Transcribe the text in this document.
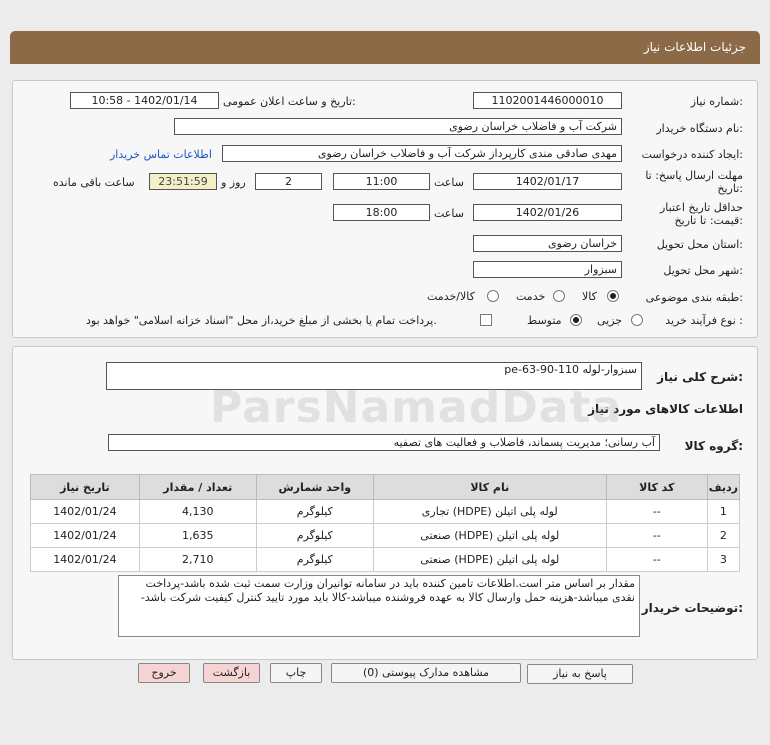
جزئیات اطلاعات نیاز
شماره نیاز:
1102001446000010
تاریخ و ساعت اعلان عمومی:
1402/01/14 - 10:58
نام دستگاه خریدار:
شرکت آب و فاضلاب خراسان رضوی
ایجاد کننده درخواست:
مهدی صادقی مندی کارپرداز شرکت آب و فاضلاب خراسان رضوی
اطلاعات تماس خریدار
مهلت ارسال پاسخ: تا
تاریخ:
1402/01/17
ساعت
11:00
2
روز و
23:51:59
ساعت باقی مانده
حداقل تاریخ اعتبار
قیمت: تا تاریخ:
1402/01/26
ساعت
18:00
استان محل تحویل:
خراسان رضوی
شهر محل تحویل:
سبزوار
طبقه بندی موضوعی:
کالا
خدمت
کالا/خدمت
نوع فرآیند خرید :
جزیی
متوسط
پرداخت تمام یا بخشی از مبلغ خرید،از محل "اسناد خزانه اسلامی" خواهد بود.
شرح کلی نیاز:
سبزوار-لوله 110-90-63-pe
اطلاعات کالاهای مورد نیاز
گروه کالا:
آب رسانی؛ مدیریت پسماند، فاضلاب و فعالیت های تصفیه
ParsNamadData
ردیف	کد کالا	نام کالا	واحد شمارش	تعداد / مقدار	تاریخ نیاز
1	--	لوله پلی اتیلن (HDPE) تجاری	کیلوگرم	4,130	1402/01/24
2	--	لوله پلی اتیلن (HDPE) صنعتی	کیلوگرم	1,635	1402/01/24
3	--	لوله پلی اتیلن (HDPE) صنعتی	کیلوگرم	2,710	1402/01/24
توضیحات خریدار:
مقدار بر اساس متر است.اطلاعات تامین کننده باید در سامانه توانیران وزارت سمت ثبت شده باشد-پرداخت نقدی میباشد-هزینه حمل وارسال کالا به عهده فروشنده میباشد-کالا باید مورد تایید کنترل کیفیت شرکت باشد-
پاسخ به نیاز
مشاهده مدارک پیوستی (0)
چاپ
بازگشت
خروج
